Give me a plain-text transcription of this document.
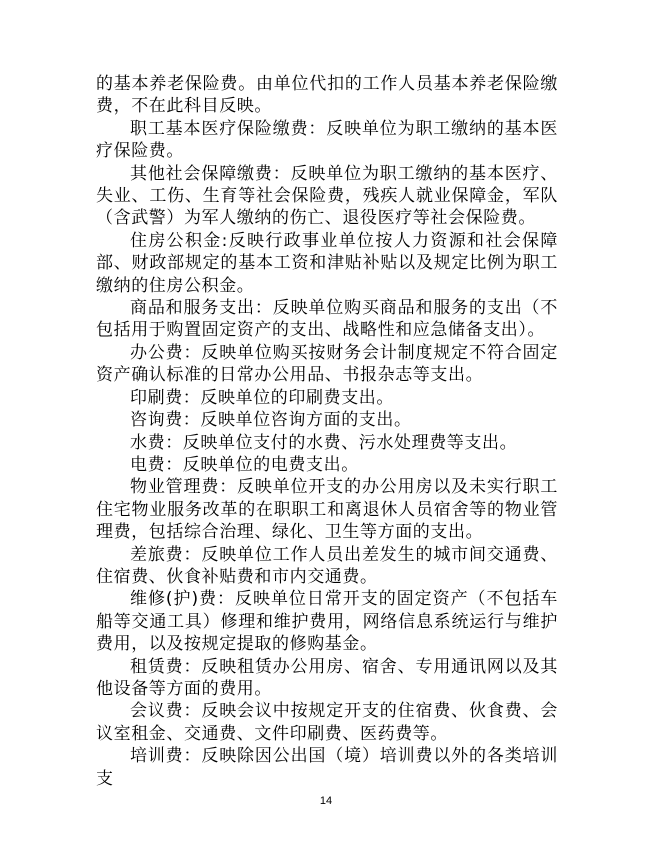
的基本养老保险费。由单位代扣的工作人员基本养老保险缴费，不在此科目反映。

职工基本医疗保险缴费：反映单位为职工缴纳的基本医疗保险费。

其他社会保障缴费：反映单位为职工缴纳的基本医疗、失业、工伤、生育等社会保险费，残疾人就业保障金，军队（含武警）为军人缴纳的伤亡、退役医疗等社会保险费。

住房公积金:反映行政事业单位按人力资源和社会保障部、财政部规定的基本工资和津贴补贴以及规定比例为职工缴纳的住房公积金。

商品和服务支出：反映单位购买商品和服务的支出（不包括用于购置固定资产的支出、战略性和应急储备支出）。

办公费：反映单位购买按财务会计制度规定不符合固定资产确认标准的日常办公用品、书报杂志等支出。

印刷费：反映单位的印刷费支出。

咨询费：反映单位咨询方面的支出。

水费：反映单位支付的水费、污水处理费等支出。

电费：反映单位的电费支出。

物业管理费：反映单位开支的办公用房以及未实行职工住宅物业服务改革的在职职工和离退休人员宿舍等的物业管理费，包括综合治理、绿化、卫生等方面的支出。

差旅费：反映单位工作人员出差发生的城市间交通费、住宿费、伙食补贴费和市内交通费。

维修(护)费：反映单位日常开支的固定资产（不包括车船等交通工具）修理和维护费用，网络信息系统运行与维护费用，以及按规定提取的修购基金。

租赁费：反映租赁办公用房、宿舍、专用通讯网以及其他设备等方面的费用。

会议费：反映会议中按规定开支的住宿费、伙食费、会议室租金、交通费、文件印刷费、医药费等。

培训费：反映除因公出国（境）培训费以外的各类培训支

14
